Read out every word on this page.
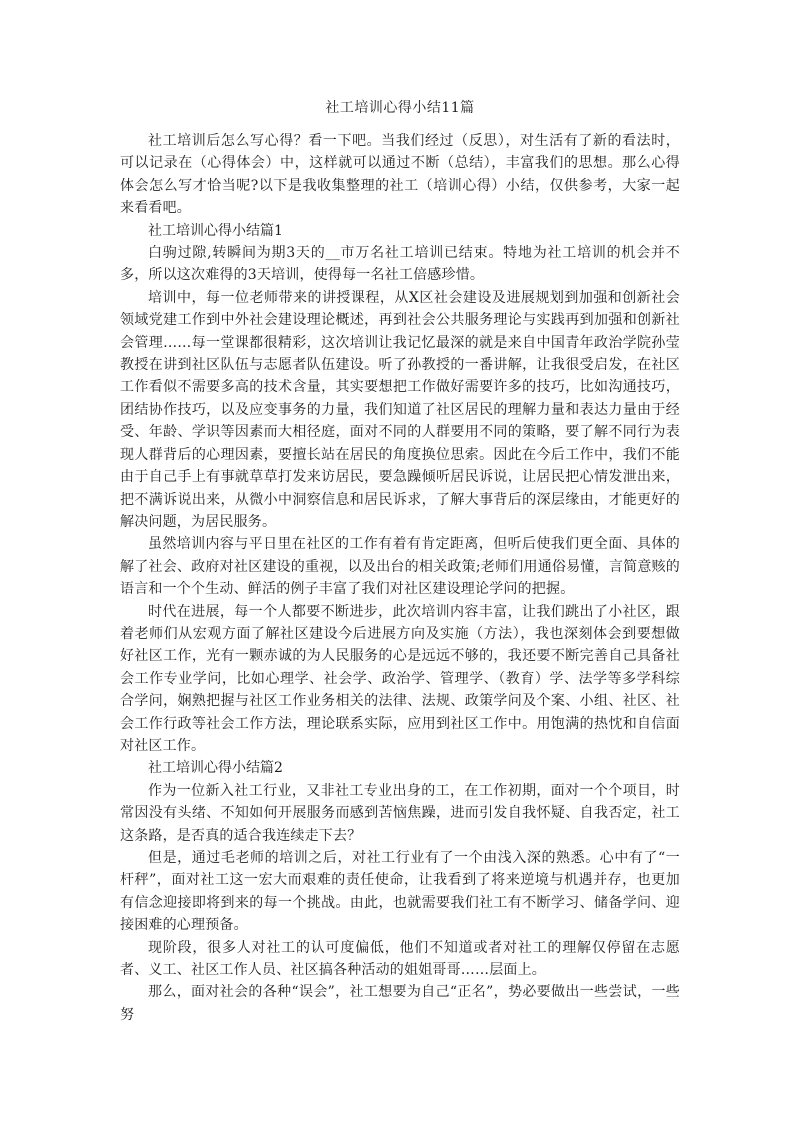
社工培训心得小结11篇

社工培训后怎么写心得？看一下吧。当我们经过（反思），对生活有了新的看法时，可以记录在（心得体会）中，这样就可以通过不断（总结），丰富我们的思想。那么心得体会怎么写才恰当呢?以下是我收集整理的社工（培训心得）小结，仅供参考，大家一起来看看吧。

社工培训心得小结篇1

白驹过隙,转瞬间为期3天的__市万名社工培训已结束。特地为社工培训的机会并不多，所以这次难得的3天培训，使得每一名社工倍感珍惜。

培训中，每一位老师带来的讲授课程，从X区社会建设及进展规划到加强和创新社会领域党建工作到中外社会建设理论概述，再到社会公共服务理论与实践再到加强和创新社会管理……每一堂课都很精彩，这次培训让我记忆最深的就是来自中国青年政治学院孙莹教授在讲到社区队伍与志愿者队伍建设。听了孙教授的一番讲解，让我很受启发，在社区工作看似不需要多高的技术含量，其实要想把工作做好需要许多的技巧，比如沟通技巧，团结协作技巧，以及应变事务的力量，我们知道了社区居民的理解力量和表达力量由于经受、年龄、学识等因素而大相径庭，面对不同的人群要用不同的策略，要了解不同行为表现人群背后的心理因素，要擅长站在居民的角度换位思索。因此在今后工作中，我们不能由于自己手上有事就草草打发来访居民，要急躁倾听居民诉说，让居民把心情发泄出来，把不满诉说出来，从微小中洞察信息和居民诉求，了解大事背后的深层缘由，才能更好的解决问题，为居民服务。

虽然培训内容与平日里在社区的工作有着有肯定距离，但听后使我们更全面、具体的解了社会、政府对社区建设的重视，以及出台的相关政策;老师们用通俗易懂，言简意赅的语言和一个个生动、鲜活的例子丰富了我们对社区建设理论学问的把握。

时代在进展，每一个人都要不断进步，此次培训内容丰富，让我们跳出了小社区，跟着老师们从宏观方面了解社区建设今后进展方向及实施（方法），我也深刻体会到要想做好社区工作，光有一颗赤诚的为人民服务的心是远远不够的，我还要不断完善自己具备社会工作专业学问，比如心理学、社会学、政治学、管理学、（教育）学、法学等多学科综合学问，娴熟把握与社区工作业务相关的法律、法规、政策学问及个案、小组、社区、社会工作行政等社会工作方法，理论联系实际，应用到社区工作中。用饱满的热忱和自信面对社区工作。

社工培训心得小结篇2

作为一位新入社工行业，又非社工专业出身的工，在工作初期，面对一个个项目，时常因没有头绪、不知如何开展服务而感到苦恼焦躁，进而引发自我怀疑、自我否定，社工这条路，是否真的适合我连续走下去？

但是，通过毛老师的培训之后，对社工行业有了一个由浅入深的熟悉。心中有了“一杆秤”，面对社工这一宏大而艰难的责任使命，让我看到了将来逆境与机遇并存，也更加有信念迎接即将到来的每一个挑战。由此，也就需要我们社工有不断学习、储备学问、迎接困难的心理预备。

现阶段，很多人对社工的认可度偏低，他们不知道或者对社工的理解仅停留在志愿者、义工、社区工作人员、社区搞各种活动的姐姐哥哥……层面上。

那么，面对社会的各种“误会”，社工想要为自己“正名”，势必要做出一些尝试，一些努
